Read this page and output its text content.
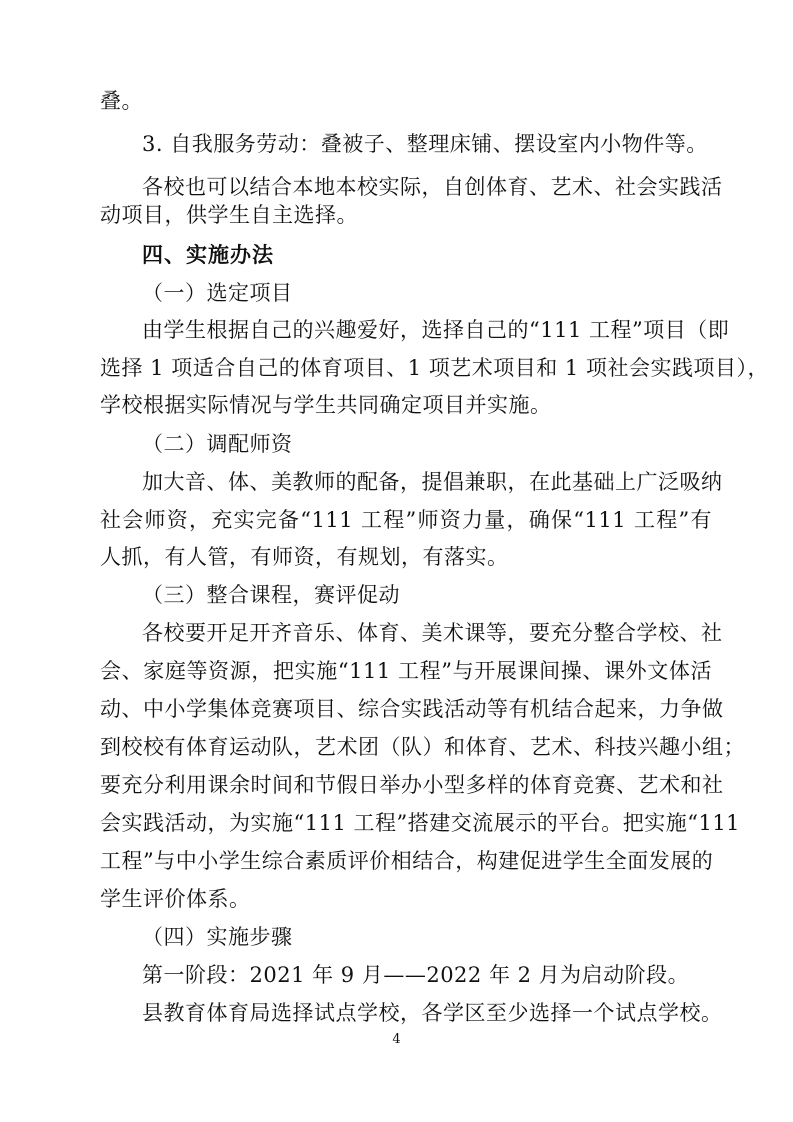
叠。
3. 自我服务劳动：叠被子、整理床铺、摆设室内小物件等。
各校也可以结合本地本校实际，自创体育、艺术、社会实践活
动项目，供学生自主选择。
四、实施办法
（一）选定项目
由学生根据自己的兴趣爱好，选择自己的“111 工程”项目（即
选择 1 项适合自己的体育项目、1 项艺术项目和 1 项社会实践项目），
学校根据实际情况与学生共同确定项目并实施。
（二）调配师资
加大音、体、美教师的配备，提倡兼职，在此基础上广泛吸纳
社会师资，充实完备“111 工程”师资力量，确保“111 工程”有
人抓，有人管，有师资，有规划，有落实。
（三）整合课程，赛评促动
各校要开足开齐音乐、体育、美术课等，要充分整合学校、社
会、家庭等资源，把实施“111 工程”与开展课间操、课外文体活
动、中小学集体竞赛项目、综合实践活动等有机结合起来，力争做
到校校有体育运动队，艺术团（队）和体育、艺术、科技兴趣小组；
要充分利用课余时间和节假日举办小型多样的体育竞赛、艺术和社
会实践活动，为实施“111 工程”搭建交流展示的平台。把实施“111
工程”与中小学生综合素质评价相结合，构建促进学生全面发展的
学生评价体系。
（四）实施步骤
第一阶段：2021 年 9 月——2022 年 2 月为启动阶段。
县教育体育局选择试点学校，各学区至少选择一个试点学校。
4
